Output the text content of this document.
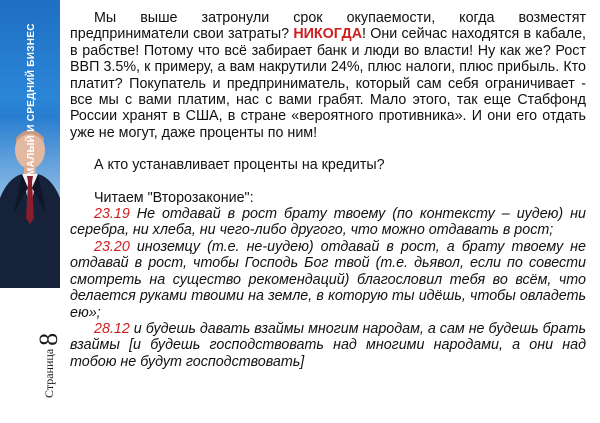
МАЛЫЙ И СРЕДНИЙ БИЗНЕС
Страница8

Мы выше затронули срок окупаемости, когда возместят предприниматели свои затраты? НИКОГДА! Они сейчас находятся в кабале, в рабстве! Потому что всё забирает банк и люди во власти! Ну как же? Рост ВВП 3.5%, к примеру, а вам накрутили 24%, плюс налоги, плюс прибыль. Кто платит? Покупатель и предприниматель, который сам себя ограничивает - все мы с вами платим, нас с вами грабят. Мало этого, так еще Стабфонд России хранят в США, в стране «вероятного противника». И они его отдать уже не могут, даже проценты по ним!

А кто устанавливает проценты на кредиты?

Читаем "Второзаконие":

23.19 Не отдавай в рост брату твоему (по контексту – иудею) ни серебра, ни хлеба, ни чего-либо другого, что можно отдавать в рост;

23.20 иноземцу (т.е. не-иудею) отдавай в рост, а брату твоему не отдавай в рост, чтобы Господь Бог твой (т.е. дьявол, если по совести смотреть на существо рекомендаций) благословил тебя во всём, что делается руками твоими на земле, в которую ты идёшь, чтобы овладеть ею»;

28.12 и будешь давать взаймы многим народам, а сам не будешь брать взаймы [и будешь господствовать над многими народами, а они над тобою не будут господствовать]
